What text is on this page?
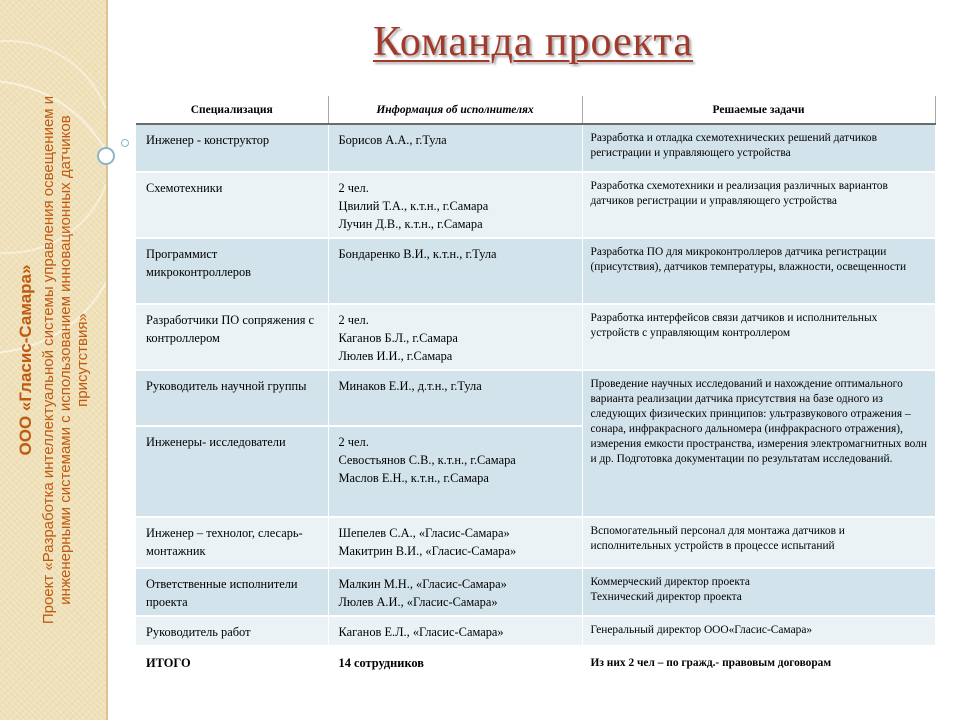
ООО «Гласис-Самара» Проект «Разработка интеллектуальной системы управления освещением и инженерными системами с использованием инновационных датчиков присутствия»
Команда проекта
Специализация	Информация об исполнителях	Решаемые задачи
Инженер - конструктор	Борисов А.А., г.Тула	Разработка и отладка схемотехнических решений датчиков регистрации и управляющего устройства
Схемотехники	2 чел.
Цвилий Т.А., к.т.н., г.Самара
Лучин Д.В., к.т.н., г.Самара	Разработка схемотехники и реализация различных вариантов датчиков регистрации и управляющего устройства
Программист микроконтроллеров	Бондаренко В.И., к.т.н., г.Тула	Разработка ПО для микроконтроллеров датчика регистрации (присутствия), датчиков температуры, влажности, освещенности
Разработчики ПО сопряжения с контроллером	2 чел.
Каганов Б.Л., г.Самара
Люлев И.И., г.Самара	Разработка интерфейсов связи датчиков и исполнительных устройств с управляющим контроллером
Руководитель научной группы	Минаков Е.И., д.т.н., г.Тула	Проведение научных исследований и нахождение оптимального варианта реализации датчика присутствия на базе одного из следующих физических принципов: ультразвукового отражения – сонара, инфракрасного дальномера (инфракрасного отражения), измерения емкости пространства, измерения электромагнитных волн и др. Подготовка документации по результатам исследований.
Инженеры- исследователи	2 чел.
Севостьянов С.В., к.т.н., г.Самара
Маслов Е.Н., к.т.н., г.Самара	

Инженер – технолог, слесарь-монтажник	Шепелев С.А., «Гласис-Самара»
Макитрин В.И., «Гласис-Самара»	Вспомогательный персонал для монтажа датчиков и исполнительных устройств в процессе испытаний
Ответственные исполнители проекта	Малкин М.Н., «Гласис-Самара»
Люлев А.И., «Гласис-Самара»	Коммерческий директор проекта
Технический директор проекта

Руководитель работ	Каганов Е.Л., «Гласис-Самара»	Генеральный директор ООО«Гласис-Самара»
ИТОГО	14 сотрудников	Из них 2 чел – по гражд.- правовым договорам
